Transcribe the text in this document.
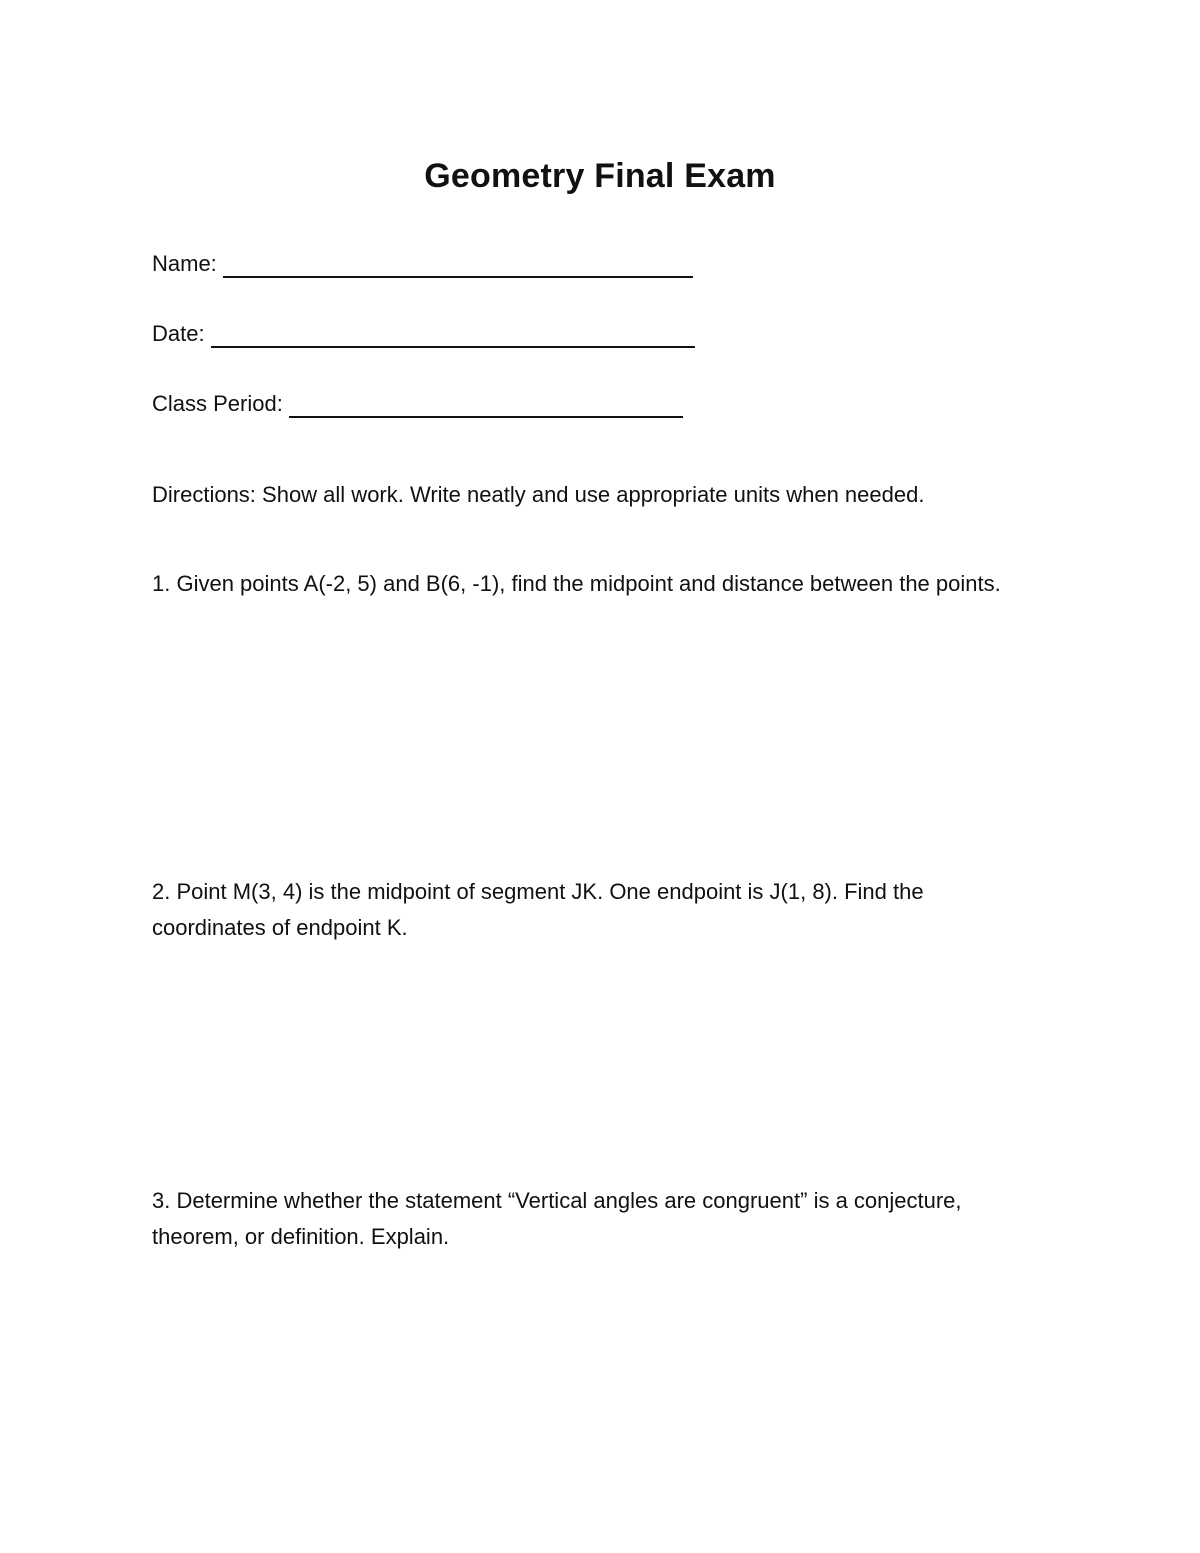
Geometry Final Exam
Name:
Date:
Class Period:

Directions: Show all work. Write neatly and use appropriate units when needed.

1. Given points A(-2, 5) and B(6, -1), find the midpoint and distance between the points.

2. Point M(3, 4) is the midpoint of segment JK. One endpoint is J(1, 8). Find the coordinates of endpoint K.

3. Determine whether the statement “Vertical angles are congruent” is a conjecture, theorem, or definition. Explain.
